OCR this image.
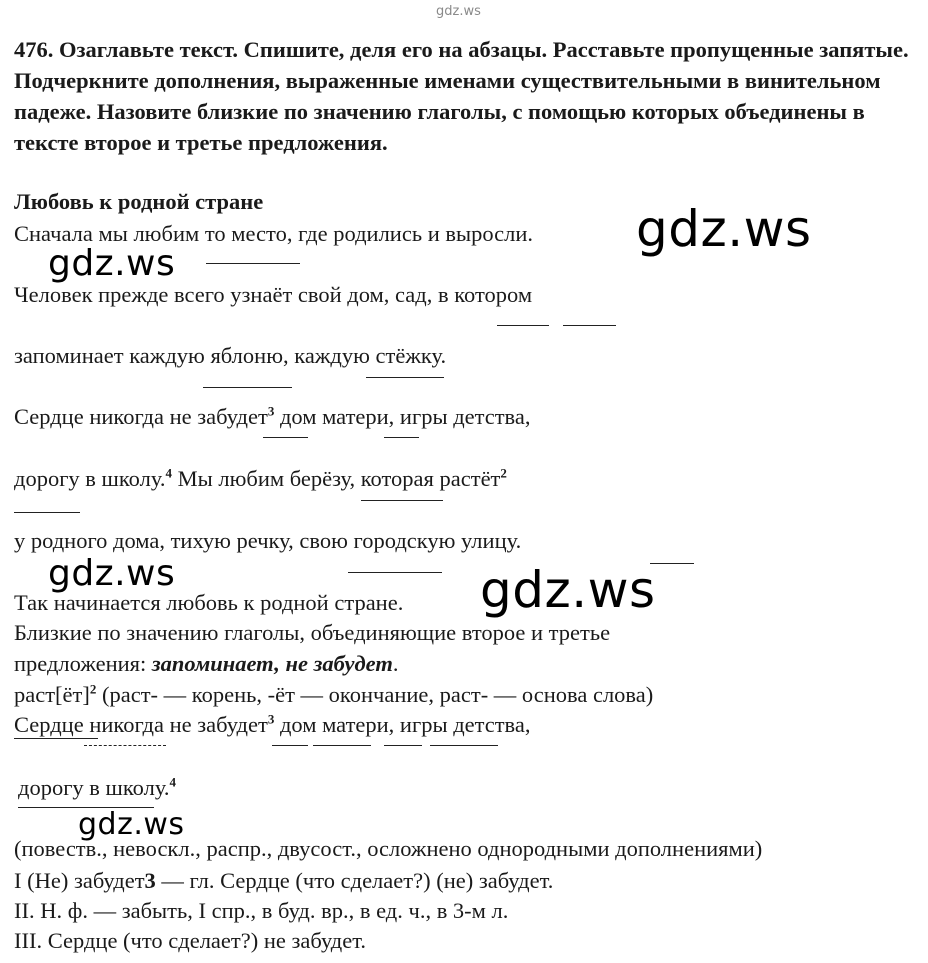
gdz.ws
476. Озаглавьте текст. Спишите, деля его на абзацы. Расставьте пропущенные запятые. Подчеркните дополнения, выраженные именами существительными в винительном падеже. Назовите близкие по значению глаголы, с помощью которых объединены в тексте второе и третье предложения.
Любовь к родной стране
Сначала мы любим то место, где родились и выросли.
Человек прежде всего узнаёт свой дом, сад, в котором
запоминает каждую яблоню, каждую стёжку.
Сердце никогда не забудет$^3$ дом матери, игры детства,
дорогу в школу.$^4$ Мы любим берёзу, которая растёт$^2$
у родного дома, тихую речку, свою городскую улицу.
Так начинается любовь к родной стране.
Близкие по значению глаголы, объединяющие второе и третье
предложения: запоминает, не забудет.
раст[ёт]$^2$ (раст- — корень, -ёт — окончание, раст- — основа слова)
Сердце никогда не забудет$^3$ дом матери, игры детства,
дорогу в школу.$^4$
(повеств., невоскл., распр., двусост., осложнено однородными дополнениями)
I (Не) забудет3 — гл. Сердце (что сделает?) (не) забудет.
II. Н. ф. — забыть, I спр., в буд. вр., в ед. ч., в 3-м л.
III. Сердце (что сделает?) не забудет.
gdz.ws
gdz.ws
gdz.ws	gdz.ws
gdz.ws
